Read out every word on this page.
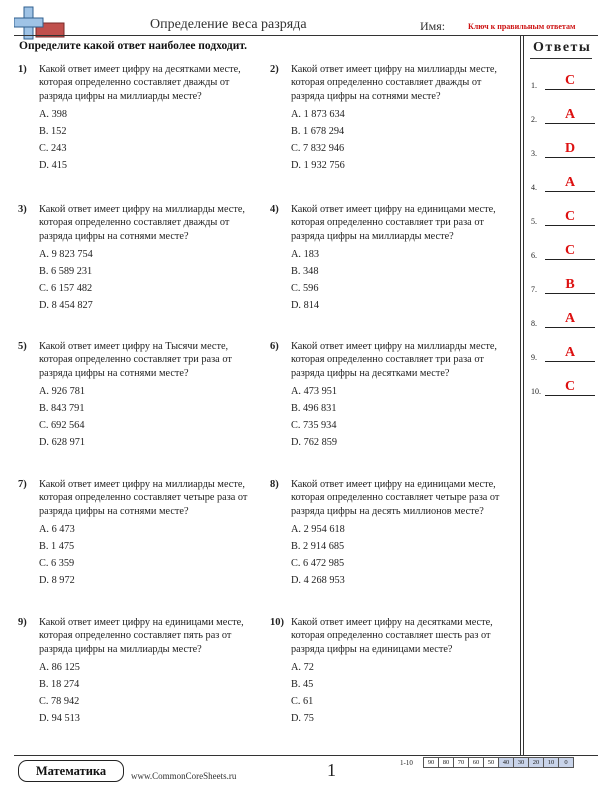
Определение веса разряда	Имя:	Ключ к правильным ответам
Определите какой ответ наиболее подходит.	Ответы
1.	C
2.	A
3.	D
4.	A
5.	C
6.	C
7.	B
8.	A
9.	A
10.	C
1)	Какой ответ имеет цифру на десятками месте, которая определенно составляет дважды от разряда цифры на миллиарды месте?

A. 398
B. 152
C. 243
D. 415
2)	Какой ответ имеет цифру на миллиарды месте, которая определенно составляет дважды от разряда цифры на сотнями месте?

A. 1 873 634
B. 1 678 294
C. 7 832 946
D. 1 932 756
3)	Какой ответ имеет цифру на миллиарды месте, которая определенно составляет дважды от разряда цифры на сотнями месте?

A. 9 823 754
B. 6 589 231
C. 6 157 482
D. 8 454 827
4)	Какой ответ имеет цифру на единицами месте, которая определенно составляет три раза от разряда цифры на миллиарды месте?

A. 183
B. 348
C. 596
D. 814
5)	Какой ответ имеет цифру на Тысячи месте, которая определенно составляет три раза от разряда цифры на сотнями месте?

A. 926 781
B. 843 791
C. 692 564
D. 628 971
6)	Какой ответ имеет цифру на миллиарды месте, которая определенно составляет три раза от разряда цифры на десятками месте?

A. 473 951
B. 496 831
C. 735 934
D. 762 859
7)	Какой ответ имеет цифру на миллиарды месте, которая определенно составляет четыре раза от разряда цифры на сотнями месте?

A. 6 473
B. 1 475
C. 6 359
D. 8 972
8)	Какой ответ имеет цифру на единицами месте, которая определенно составляет четыре раза от разряда цифры на десять миллионов месте?

A. 2 954 618
B. 2 914 685
C. 6 472 985
D. 4 268 953
9)	Какой ответ имеет цифру на единицами месте, которая определенно составляет пять раз от разряда цифры на миллиарды месте?

A. 86 125
B. 18 274
C. 78 942
D. 94 513
10) Какой ответ имеет цифру на десятками месте, которая определенно составляет шесть раз от разряда цифры на единицами месте?

A. 72
B. 45
C. 61
D. 75
Математика	www.CommonCoreSheets.ru	1	1-10 90	80	70	60	50	40	30	20	10	0
